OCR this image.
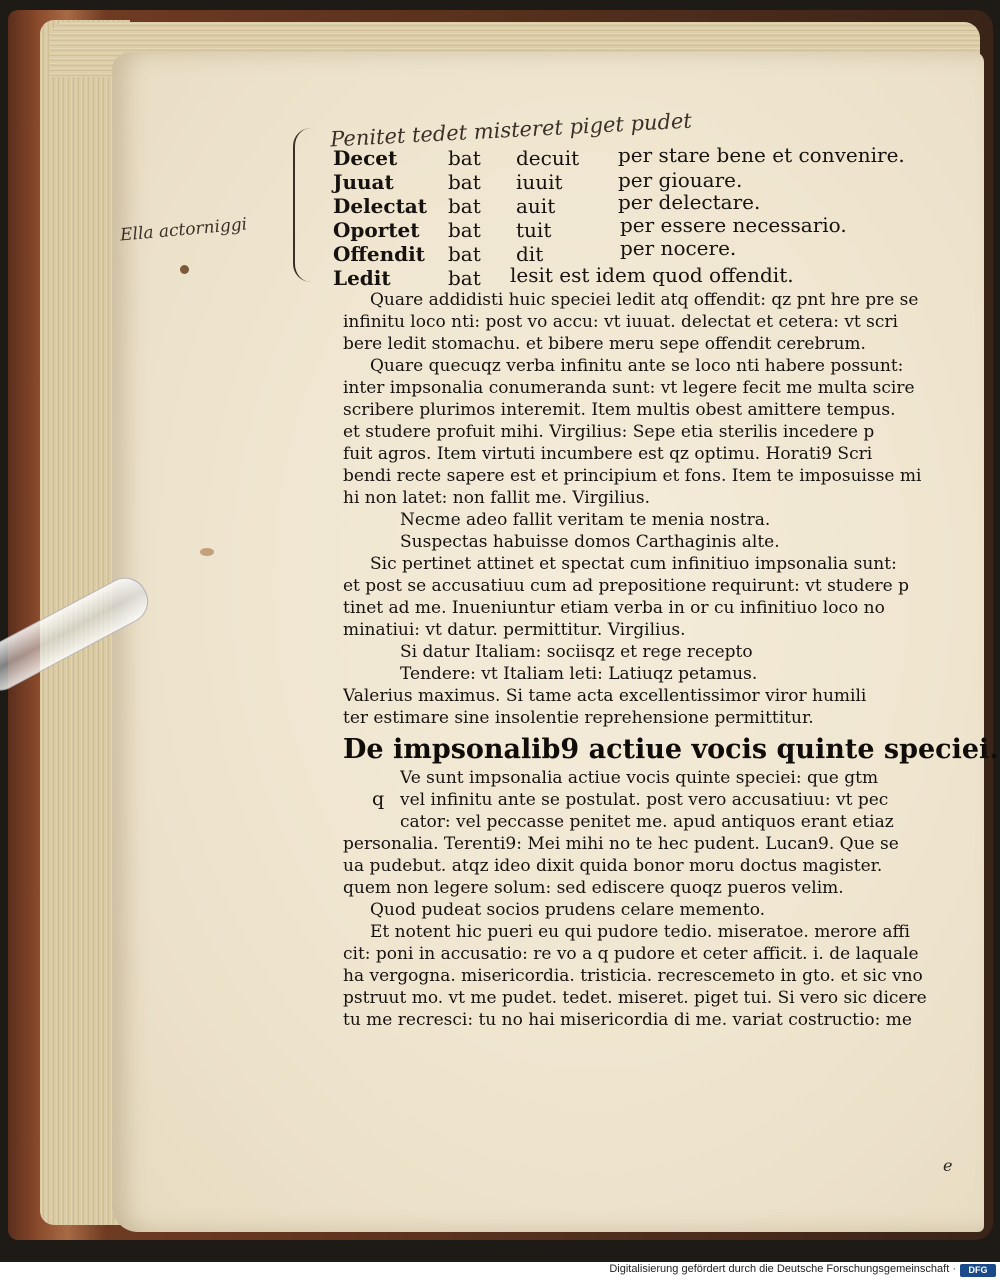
Penitet tedet misteret piget pudet
Ella actorniggi
Decet	bat decuit per stare bene et convenire.
Juuat	bat iuuit	per giouare.
Delectat bat auit	per delectare.
Oportet bat tuit	per essere necessario.
Offendit bat dit	per nocere.
Ledit	bat lesit est idem quod offendit.
Quare addidisti huic speciei ledit atq offendit: qz pnt hre pre se
infinitu loco nti: post vo accu: vt iuuat. delectat et cetera: vt scri
bere ledit stomachu. et bibere meru sepe offendit cerebrum.
Quare quecuqz verba infinitu ante se loco nti habere possunt:
inter impsonalia conumeranda sunt: vt legere fecit me multa scire
scribere plurimos interemit. Item multis obest amittere tempus.
et studere profuit mihi. Virgilius: Sepe etia sterilis incedere p
fuit agros. Item virtuti incumbere est qz optimu. Horati9 Scri
bendi recte sapere est et principium et fons. Item te imposuisse mi
hi non latet: non fallit me. Virgilius.
Necme adeo fallit veritam te menia nostra.
Suspectas habuisse domos Carthaginis alte.
Sic pertinet attinet et spectat cum infinitiuo impsonalia sunt:
et post se accusatiuu cum ad prepositione requirunt: vt studere p
tinet ad me. Inueniuntur etiam verba in or cu infinitiuo loco no
minatiui: vt datur. permittitur. Virgilius.
Si datur Italiam: sociisqz et rege recepto
Tendere: vt Italiam leti: Latiuqz petamus.
Valerius maximus. Si tame acta excellentissimor viror humili
ter estimare sine insolentie reprehensione permittitur.
De impsonalib9 actiue vocis quinte speciei.
q
Ve sunt impsonalia actiue vocis quinte speciei: que gtm
vel infinitu ante se postulat. post vero accusatiuu: vt pec
cator: vel peccasse penitet me. apud antiquos erant etiaz
personalia. Terenti9: Mei mihi no te hec pudent. Lucan9. Que se
ua pudebut. atqz ideo dixit quida bonor moru doctus magister.
quem non legere solum: sed ediscere quoqz pueros velim.
Quod pudeat socios prudens celare memento.
Et notent hic pueri eu qui pudore tedio. miseratoe. merore affi
cit: poni in accusatio: re vo a q pudore et ceter afficit. i. de laquale
ha vergogna. misericordia. tristicia. recrescemeto in gto. et sic vno
pstruut mo. vt me pudet. tedet. miseret. piget tui. Si vero sic dicere
tu me recresci: tu no hai misericordia di me. variat costructio: me
e
Digitalisierung gefördert durch die Deutsche Forschungsgemeinschaft ·	DFG
